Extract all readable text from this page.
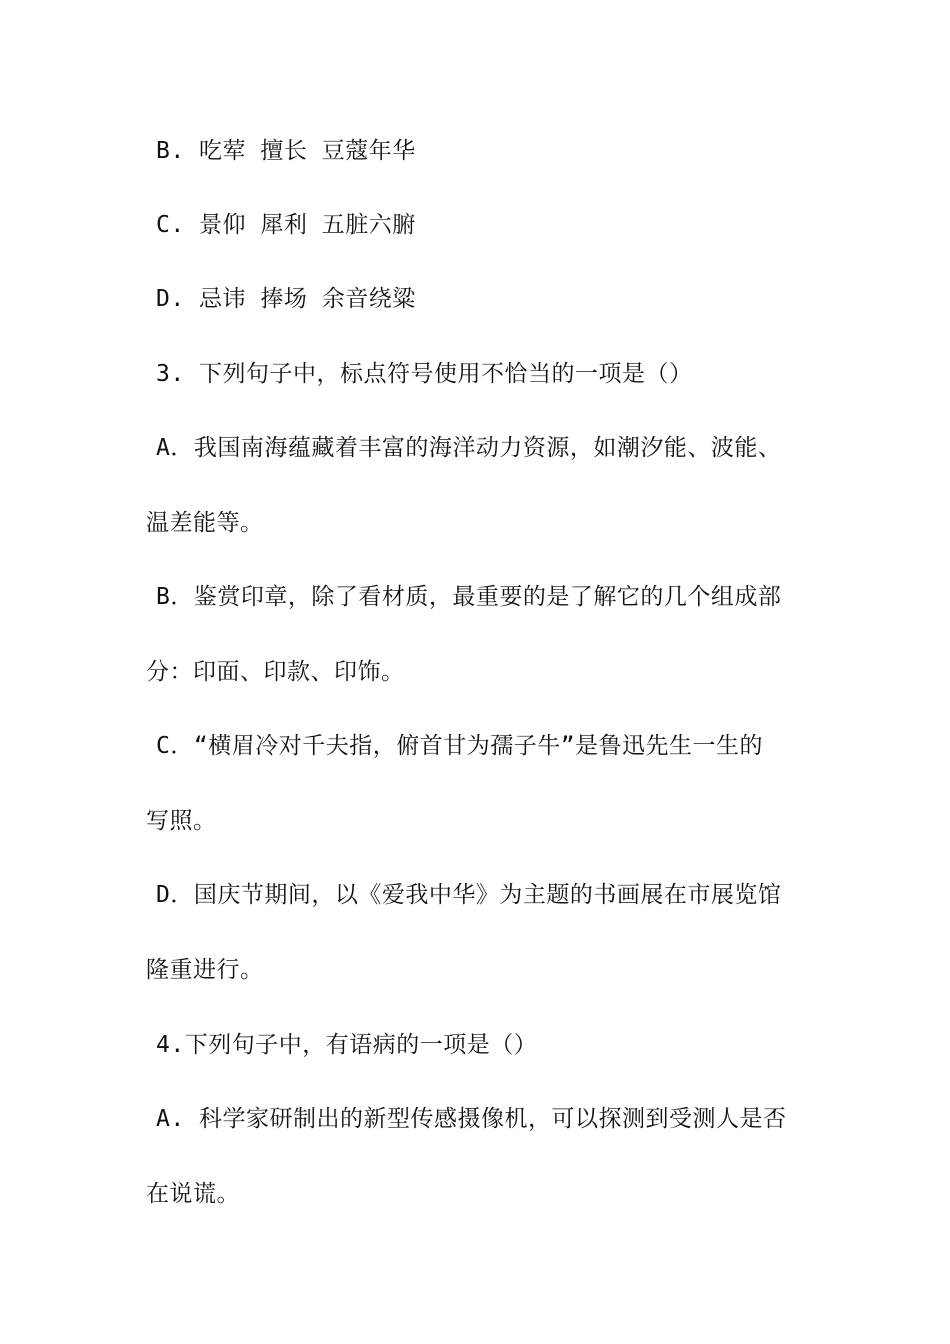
B. 吃荤 擅长 豆蔻年华
C. 景仰 犀利 五脏六腑
D. 忌讳 捧场 余音绕粱
3. 下列句子中，标点符号使用不恰当的一项是（）
A．我国南海蕴藏着丰富的海洋动力资源，如潮汐能、波能、
温差能等。
B．鉴赏印章，除了看材质，最重要的是了解它的几个组成部
分：印面、印款、印饰。
C．“横眉冷对千夫指，俯首甘为孺子牛”是鲁迅先生一生的
写照。
D．国庆节期间，以《爱我中华》为主题的书画展在市展览馆
隆重进行。
4.下列句子中，有语病的一项是（）
A. 科学家研制出的新型传感摄像机，可以探测到受测人是否
在说谎。
